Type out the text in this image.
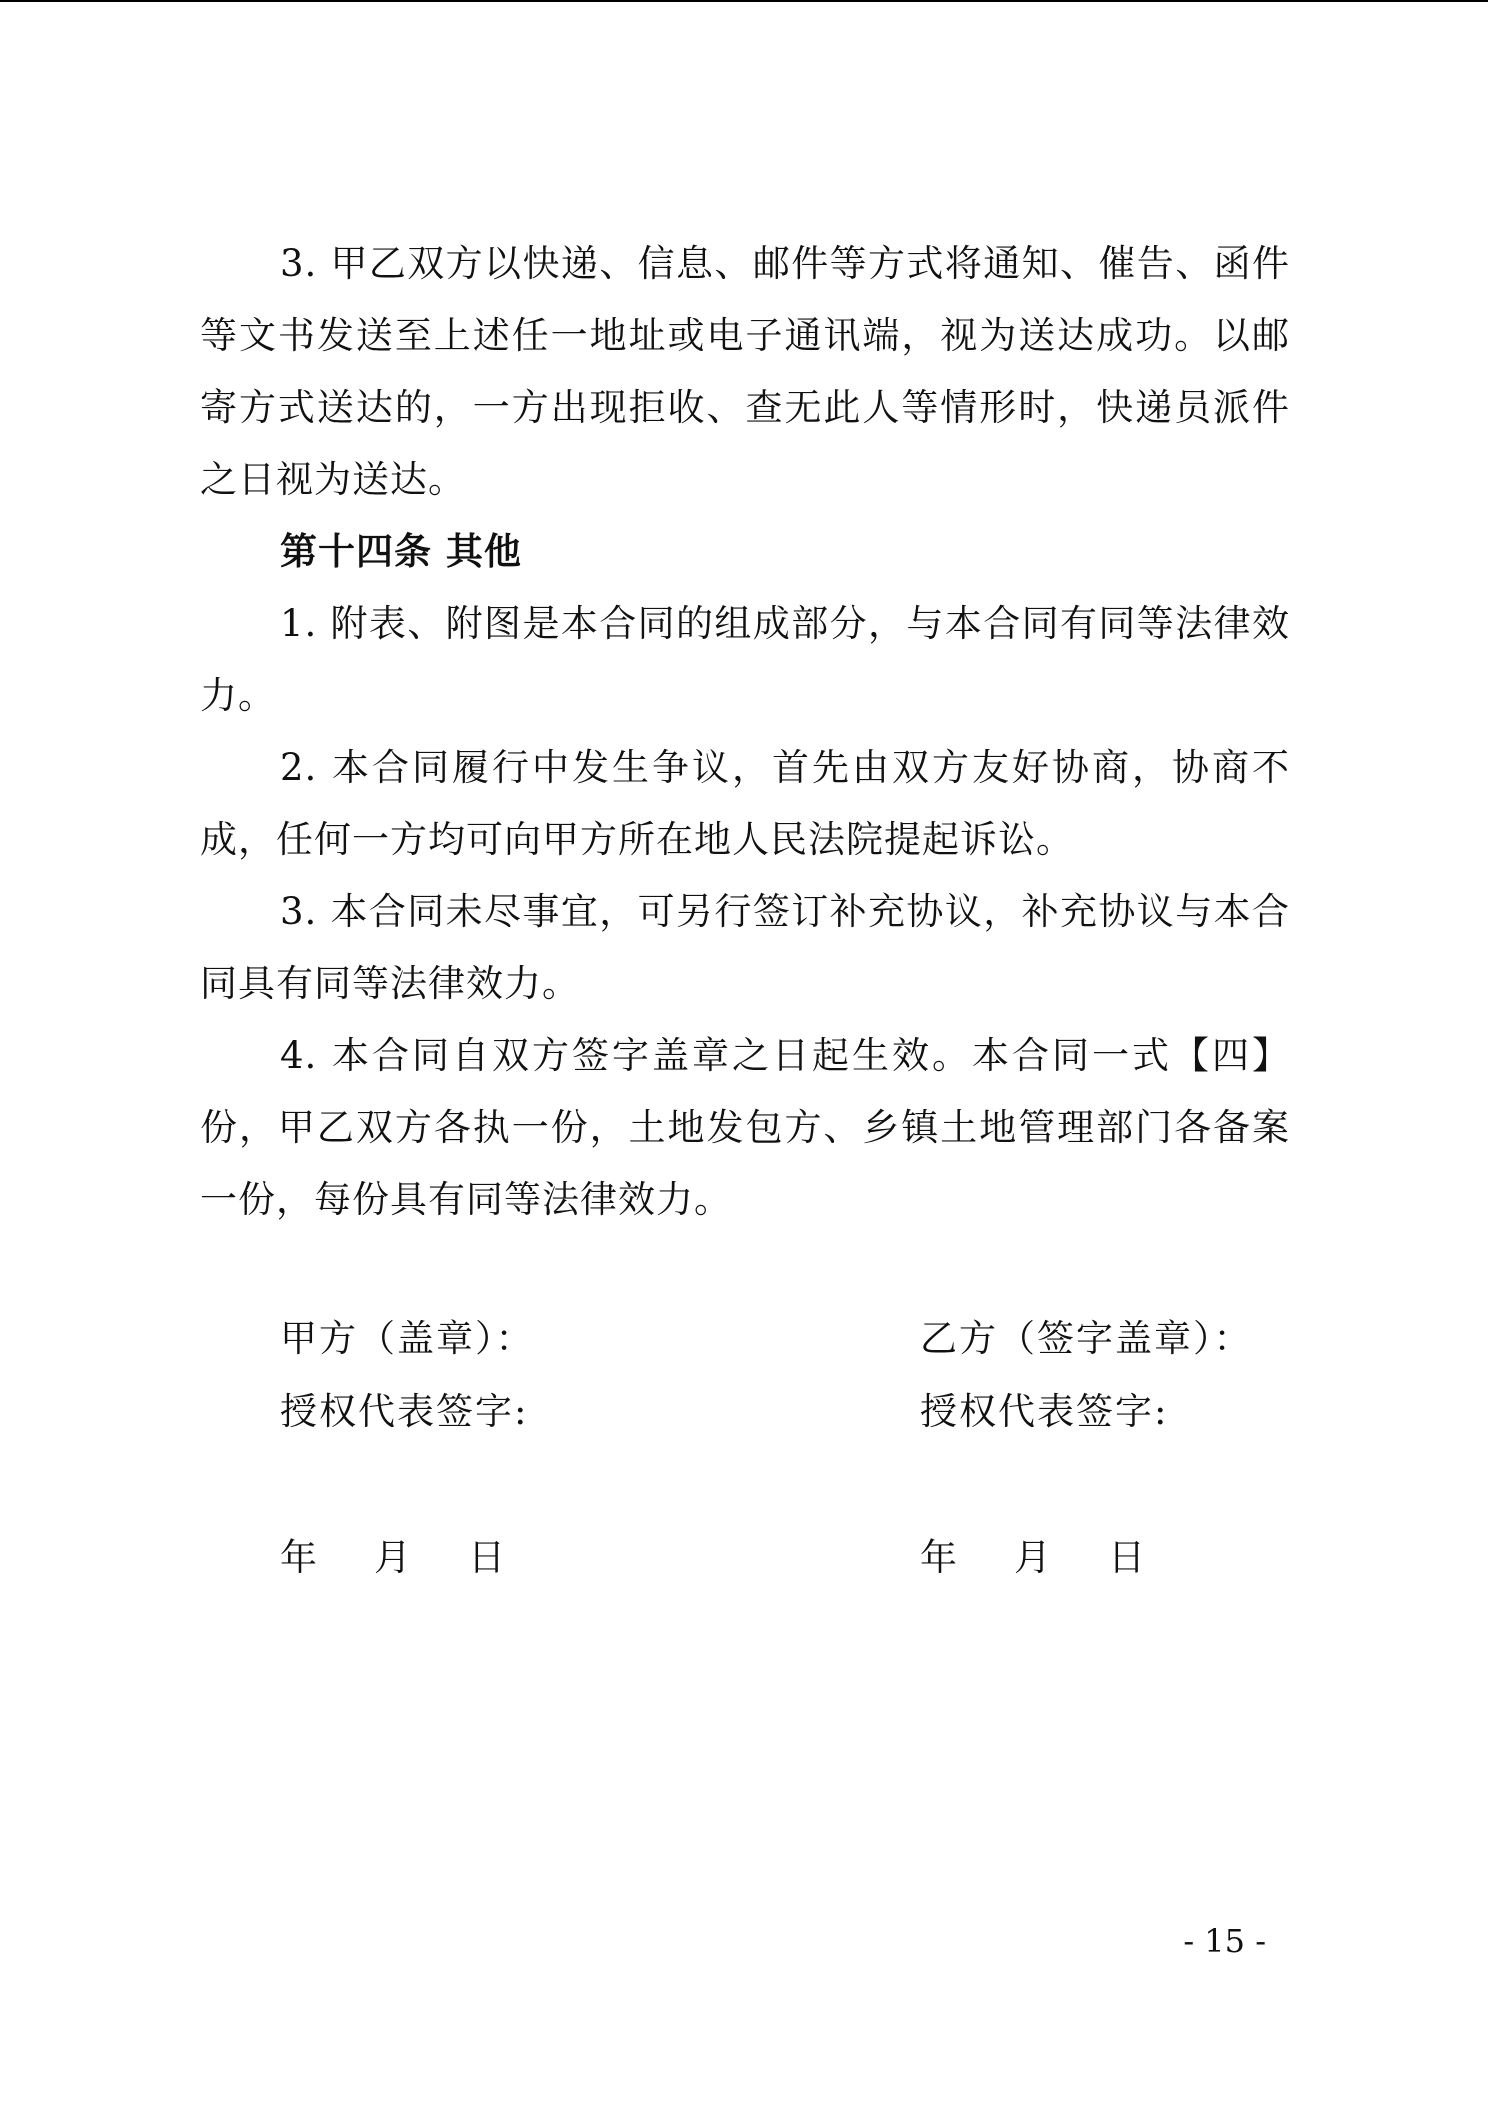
3. 甲乙双方以快递、信息、邮件等方式将通知、催告、函件等文书发送至上述任一地址或电子通讯端，视为送达成功。以邮寄方式送达的，一方出现拒收、查无此人等情形时，快递员派件之日视为送达。

第十四条 其他

1. 附表、附图是本合同的组成部分，与本合同有同等法律效力。

2. 本合同履行中发生争议，首先由双方友好协商，协商不成，任何一方均可向甲方所在地人民法院提起诉讼。

3. 本合同未尽事宜，可另行签订补充协议，补充协议与本合同具有同等法律效力。

4. 本合同自双方签字盖章之日起生效。本合同一式【四】份，甲乙双方各执一份，土地发包方、乡镇土地管理部门各备案一份，每份具有同等法律效力。

甲方（盖章）：
授权代表签字:
年    月    日
乙方（签字盖章）：
授权代表签字:
年    月    日
- 15 -
